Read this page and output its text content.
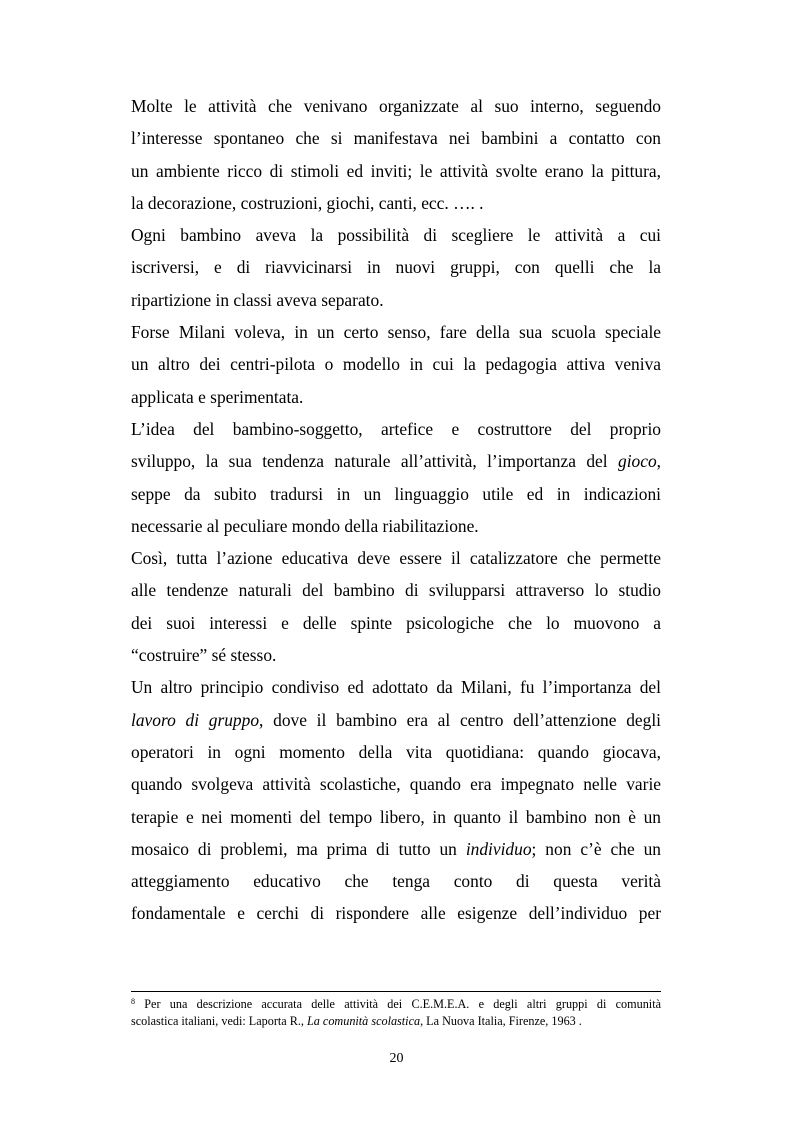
Molte le attività che venivano organizzate al suo interno, seguendo
l’interesse spontaneo che si manifestava nei bambini a contatto con
un ambiente ricco di stimoli ed inviti; le attività svolte erano la pittura,
la decorazione, costruzioni, giochi, canti, ecc. …. .
Ogni bambino aveva la possibilità di scegliere le attività a cui
iscriversi, e di riavvicinarsi in nuovi gruppi, con quelli che la
ripartizione in classi aveva separato.
Forse Milani voleva, in un certo senso, fare della sua scuola speciale
un altro dei centri-pilota o modello in cui la pedagogia attiva veniva
applicata e sperimentata.
L’idea del bambino-soggetto, artefice e costruttore del proprio
sviluppo, la sua tendenza naturale all’attività, l’importanza del gioco,
seppe da subito tradursi in un linguaggio utile ed in indicazioni
necessarie al peculiare mondo della riabilitazione.
Così, tutta l’azione educativa deve essere il catalizzatore che permette
alle tendenze naturali del bambino di svilupparsi attraverso lo studio
dei suoi interessi e delle spinte psicologiche che lo muovono a
“costruire” sé stesso.
Un altro principio condiviso ed adottato da Milani, fu l’importanza del
lavoro di gruppo, dove il bambino era al centro dell’attenzione degli
operatori in ogni momento della vita quotidiana: quando giocava,
quando svolgeva attività scolastiche, quando era impegnato nelle varie
terapie e nei momenti del tempo libero, in quanto il bambino non è un
mosaico di problemi, ma prima di tutto un individuo; non c’è che un
atteggiamento educativo che tenga conto di questa verità
fondamentale e cerchi di rispondere alle esigenze dell’individuo per
$^8$ Per una descrizione accurata delle attività dei C.E.M.E.A. e degli altri gruppi di comunità
scolastica italiani, vedi: Laporta R., La comunità scolastica, La Nuova Italia, Firenze, 1963 .
20
